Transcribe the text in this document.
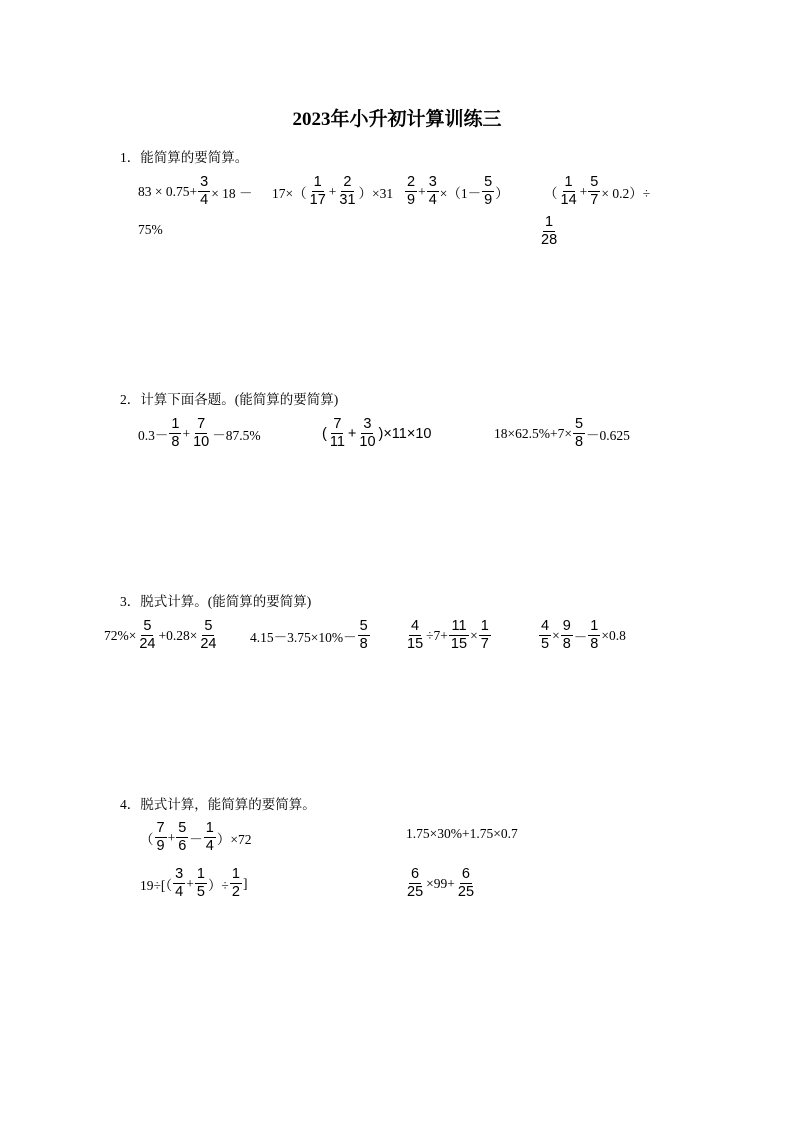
2023年小升初计算训练三
1．能简算的要简算。
$83 \times 0.75+ \frac{3}{4} \times 18$ －
75%
$17\times( \frac{1}{17} + \frac{2}{31} )\times 31 \frac{2}{9} + \frac{3}{4} \times(1- \frac{5}{9}$ ）	（ $\frac{1}{14} + \frac{5}{7} \times 0.2)\div$
$\frac{1}{28}$
2．计算下面各题。(能简算的要简算)
$0.3- \frac{1}{8} + \frac{7}{10} -87.5\%$	( $\frac{7}{11} + \frac{3}{10} )\times 11\times 10$	$18\times 62.5\%+7\times \frac{5}{8} -0.625$
3．脱式计算。(能简算的要简算)
$72\%\times \frac{5}{24} +0.28\times \frac{5}{24} 4.15-3.75\times 10\%- \frac{5}{8} \frac{4}{15} \div 7+ \frac{11}{15} \times \frac{1}{7}$	$\frac{4}{5} \times \frac{9}{8} - \frac{1}{8} \times 0.8$
4．脱式计算，能简算的要简算。
（ $\frac{7}{9} + \frac{5}{6} - \frac{1}{4} )\times 72$	1.75×30%+1.75×0.7
$19\div[( \frac{3}{4} + \frac{1}{5}$ ）÷ $\frac{1}{2}$ ]	$\frac{6}{25} \times 99+ \frac{6}{25}$
